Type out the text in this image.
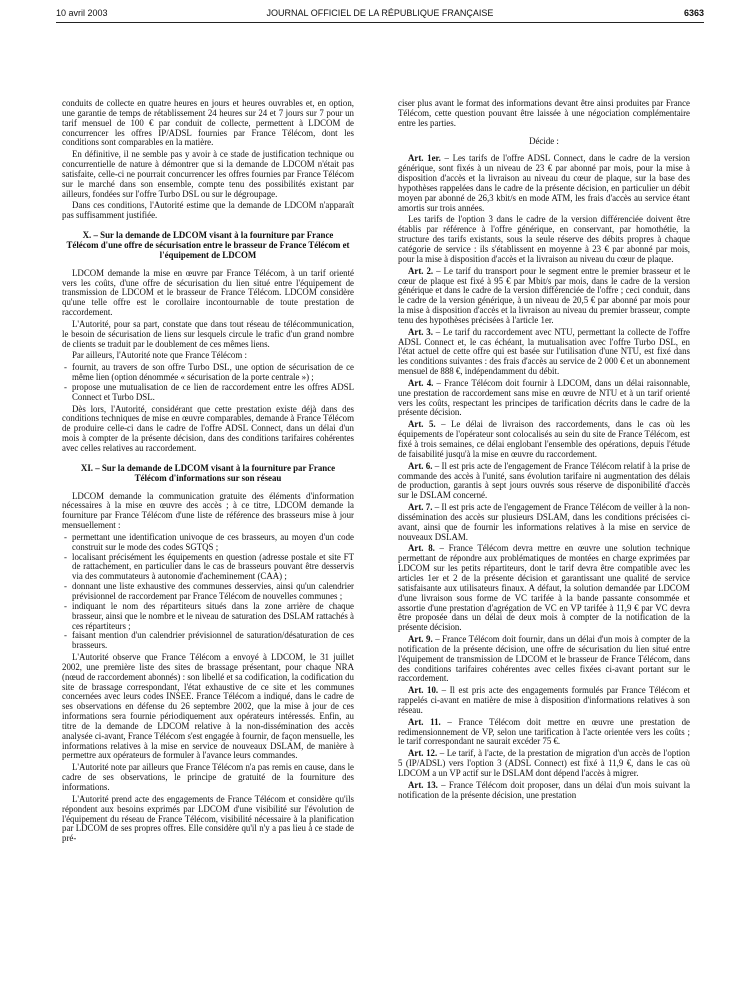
10 avril 2003	JOURNAL OFFICIEL DE LA RÉPUBLIQUE FRANÇAISE	6363

conduits de collecte en quatre heures en jours et heures ouvrables et, en option, une garantie de temps de rétablissement 24 heures sur 24 et 7 jours sur 7 pour un tarif mensuel de 100 € par conduit de collecte, permettent à LDCOM de concurrencer les offres IP/ADSL fournies par France Télécom, dont les conditions sont comparables en la matière.

En définitive, il ne semble pas y avoir à ce stade de justification technique ou concurrentielle de nature à démontrer que si la demande de LDCOM n'était pas satisfaite, celle-ci ne pourrait concurrencer les offres fournies par France Télécom sur le marché dans son ensemble, compte tenu des possibilités existant par ailleurs, fondées sur l'offre Turbo DSL ou sur le dégroupage.

Dans ces conditions, l'Autorité estime que la demande de LDCOM n'apparaît pas suffisamment justifiée.

X. – Sur la demande de LDCOM visant à la fourniture par France Télécom d'une offre de sécurisation entre le brasseur de France Télécom et l'équipement de LDCOM

LDCOM demande la mise en œuvre par France Télécom, à un tarif orienté vers les coûts, d'une offre de sécurisation du lien situé entre l'équipement de transmission de LDCOM et le brasseur de France Télécom. LDCOM considère qu'une telle offre est le corollaire incontournable de toute prestation de raccordement.

L'Autorité, pour sa part, constate que dans tout réseau de télécommunication, le besoin de sécurisation de liens sur lesquels circule le trafic d'un grand nombre de clients se traduit par le doublement de ces mêmes liens.

Par ailleurs, l'Autorité note que France Télécom :

- fournit, au travers de son offre Turbo DSL, une option de sécurisation de ce même lien (option dénommée « sécurisation de la porte centrale ») ;
- propose une mutualisation de ce lien de raccordement entre les offres ADSL Connect et Turbo DSL.

Dès lors, l'Autorité, considérant que cette prestation existe déjà dans des conditions techniques de mise en œuvre comparables, demande à France Télécom de produire celle-ci dans le cadre de l'offre ADSL Connect, dans un délai d'un mois à compter de la présente décision, dans des conditions tarifaires cohérentes avec celles relatives au raccordement.

XI. – Sur la demande de LDCOM visant à la fourniture par France Télécom d'informations sur son réseau

LDCOM demande la communication gratuite des éléments d'information nécessaires à la mise en œuvre des accès ; à ce titre, LDCOM demande la fourniture par France Télécom d'une liste de référence des brasseurs mise à jour mensuellement :

- permettant une identification univoque de ces brasseurs, au moyen d'un code construit sur le mode des codes SGTQS ;
- localisant précisément les équipements en question (adresse postale et site FT de rattachement, en particulier dans le cas de brasseurs pouvant être desservis via des commutateurs à autonomie d'acheminement (CAA) ;
- donnant une liste exhaustive des communes desservies, ainsi qu'un calendrier prévisionnel de raccordement par France Télécom de nouvelles communes ;
- indiquant le nom des répartiteurs situés dans la zone arrière de chaque brasseur, ainsi que le nombre et le niveau de saturation des DSLAM rattachés à ces répartiteurs ;
- faisant mention d'un calendrier prévisionnel de saturation/désaturation de ces brasseurs.

L'Autorité observe que France Télécom a envoyé à LDCOM, le 31 juillet 2002, une première liste des sites de brassage présentant, pour chaque NRA (nœud de raccordement abonnés) : son libellé et sa codification, la codification du site de brassage correspondant, l'état exhaustive de ce site et les communes concernées avec leurs codes INSEE. France Télécom a indiqué, dans le cadre de ses observations en défense du 26 septembre 2002, que la mise à jour de ces informations sera fournie périodiquement aux opérateurs intéressés. Enfin, au titre de la demande de LDCOM relative à la non-dissémination des accès analysée ci-avant, France Télécom s'est engagée à fournir, de façon mensuelle, les informations relatives à la mise en service de nouveaux DSLAM, de manière à permettre aux opérateurs de formuler à l'avance leurs commandes.

L'Autorité note par ailleurs que France Télécom n'a pas remis en cause, dans le cadre de ses observations, le principe de gratuité de la fourniture des informations.

L'Autorité prend acte des engagements de France Télécom et considère qu'ils répondent aux besoins exprimés par LDCOM d'une visibilité sur l'évolution de l'équipement du réseau de France Télécom, visibilité nécessaire à la planification par LDCOM de ses propres offres. Elle considère qu'il n'y a pas lieu à ce stade de pré-

ciser plus avant le format des informations devant être ainsi produites par France Télécom, cette question pouvant être laissée à une négociation complémentaire entre les parties.

Décide :

Art. 1er. – Les tarifs de l'offre ADSL Connect, dans le cadre de la version générique, sont fixés à un niveau de 23 € par abonné par mois, pour la mise à disposition d'accès et la livraison au niveau du cœur de plaque, sur la base des hypothèses rappelées dans le cadre de la présente décision, en particulier un débit moyen par abonné de 26,3 kbit/s en mode ATM, les frais d'accès au service étant amortis sur trois années.

Les tarifs de l'option 3 dans le cadre de la version différenciée doivent être établis par référence à l'offre générique, en conservant, par homothétie, la structure des tarifs existants, sous la seule réserve des débits propres à chaque catégorie de service : ils s'établissent en moyenne à 23 € par abonné par mois, pour la mise à disposition d'accès et la livraison au niveau du cœur de plaque.

Art. 2. – Le tarif du transport pour le segment entre le premier brasseur et le cœur de plaque est fixé à 95 € par Mbit/s par mois, dans le cadre de la version générique et dans le cadre de la version différenciée de l'offre ; ceci conduit, dans le cadre de la version générique, à un niveau de 20,5 € par abonné par mois pour la mise à disposition d'accès et la livraison au niveau du premier brasseur, compte tenu des hypothèses précisées à l'article 1er.

Art. 3. – Le tarif du raccordement avec NTU, permettant la collecte de l'offre ADSL Connect et, le cas échéant, la mutualisation avec l'offre Turbo DSL, en l'état actuel de cette offre qui est basée sur l'utilisation d'une NTU, est fixé dans les conditions suivantes : des frais d'accès au service de 2 000 € et un abonnement mensuel de 888 €, indépendamment du débit.

Art. 4. – France Télécom doit fournir à LDCOM, dans un délai raisonnable, une prestation de raccordement sans mise en œuvre de NTU et à un tarif orienté vers les coûts, respectant les principes de tarification décrits dans le cadre de la présente décision.

Art. 5. – Le délai de livraison des raccordements, dans le cas où les équipements de l'opérateur sont colocalisés au sein du site de France Télécom, est fixé à trois semaines, ce délai englobant l'ensemble des opérations, depuis l'étude de faisabilité jusqu'à la mise en œuvre du raccordement.

Art. 6. – Il est pris acte de l'engagement de France Télécom relatif à la prise de commande des accès à l'unité, sans évolution tarifaire ni augmentation des délais de production, garantis à sept jours ouvrés sous réserve de disponibilité d'accès sur le DSLAM concerné.

Art. 7. – Il est pris acte de l'engagement de France Télécom de veiller à la non-dissémination des accès sur plusieurs DSLAM, dans les conditions précisées ci-avant, ainsi que de fournir les informations relatives à la mise en service de nouveaux DSLAM.

Art. 8. – France Télécom devra mettre en œuvre une solution technique permettant de répondre aux problématiques de montées en charge exprimées par LDCOM sur les petits répartiteurs, dont le tarif devra être compatible avec les articles 1er et 2 de la présente décision et garantissant une qualité de service satisfaisante aux utilisateurs finaux. A défaut, la solution demandée par LDCOM d'une livraison sous forme de VC tarifée à la bande passante consommée et assortie d'une prestation d'agrégation de VC en VP tarifée à 11,9 € par VC devra être proposée dans un délai de deux mois à compter de la notification de la présente décision.

Art. 9. – France Télécom doit fournir, dans un délai d'un mois à compter de la notification de la présente décision, une offre de sécurisation du lien situé entre l'équipement de transmission de LDCOM et le brasseur de France Télécom, dans des conditions tarifaires cohérentes avec celles fixées ci-avant portant sur le raccordement.

Art. 10. – Il est pris acte des engagements formulés par France Télécom et rappelés ci-avant en matière de mise à disposition d'informations relatives à son réseau.

Art. 11. – France Télécom doit mettre en œuvre une prestation de redimensionnement de VP, selon une tarification à l'acte orientée vers les coûts ; le tarif correspondant ne saurait excéder 75 €.

Art. 12. – Le tarif, à l'acte, de la prestation de migration d'un accès de l'option 5 (IP/ADSL) vers l'option 3 (ADSL Connect) est fixé à 11,9 €, dans le cas où LDCOM a un VP actif sur le DSLAM dont dépend l'accès à migrer.

Art. 13. – France Télécom doit proposer, dans un délai d'un mois suivant la notification de la présente décision, une prestation
